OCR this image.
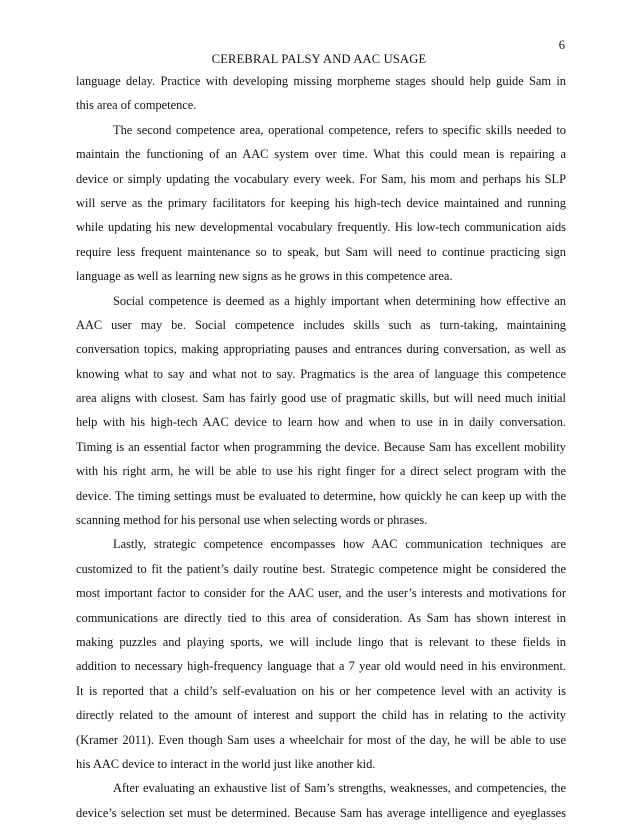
6
CEREBRAL PALSY AND AAC USAGE
language delay. Practice with developing missing morpheme stages should help guide Sam in
this area of competence.
The second competence area, operational competence, refers to specific skills needed to
maintain the functioning of an AAC system over time. What this could mean is repairing a
device or simply updating the vocabulary every week. For Sam, his mom and perhaps his SLP
will serve as the primary facilitators for keeping his high-tech device maintained and running
while updating his new developmental vocabulary frequently. His low-tech communication aids
require less frequent maintenance so to speak, but Sam will need to continue practicing sign
language as well as learning new signs as he grows in this competence area.
Social competence is deemed as a highly important when determining how effective an
AAC user may be. Social competence includes skills such as turn-taking, maintaining
conversation topics, making appropriating pauses and entrances during conversation, as well as
knowing what to say and what not to say. Pragmatics is the area of language this competence
area aligns with closest. Sam has fairly good use of pragmatic skills, but will need much initial
help with his high-tech AAC device to learn how and when to use in in daily conversation.
Timing is an essential factor when programming the device. Because Sam has excellent mobility
with his right arm, he will be able to use his right finger for a direct select program with the
device. The timing settings must be evaluated to determine, how quickly he can keep up with the
scanning method for his personal use when selecting words or phrases.
Lastly, strategic competence encompasses how AAC communication techniques are
customized to fit the patient’s daily routine best. Strategic competence might be considered the
most important factor to consider for the AAC user, and the user’s interests and motivations for
communications are directly tied to this area of consideration. As Sam has shown interest in
making puzzles and playing sports, we will include lingo that is relevant to these fields in
addition to necessary high-frequency language that a 7 year old would need in his environment.
It is reported that a child’s self-evaluation on his or her competence level with an activity is
directly related to the amount of interest and support the child has in relating to the activity
(Kramer 2011). Even though Sam uses a wheelchair for most of the day, he will be able to use
his AAC device to interact in the world just like another kid.
After evaluating an exhaustive list of Sam’s strengths, weaknesses, and competencies, the
device’s selection set must be determined. Because Sam has average intelligence and eyeglasses
